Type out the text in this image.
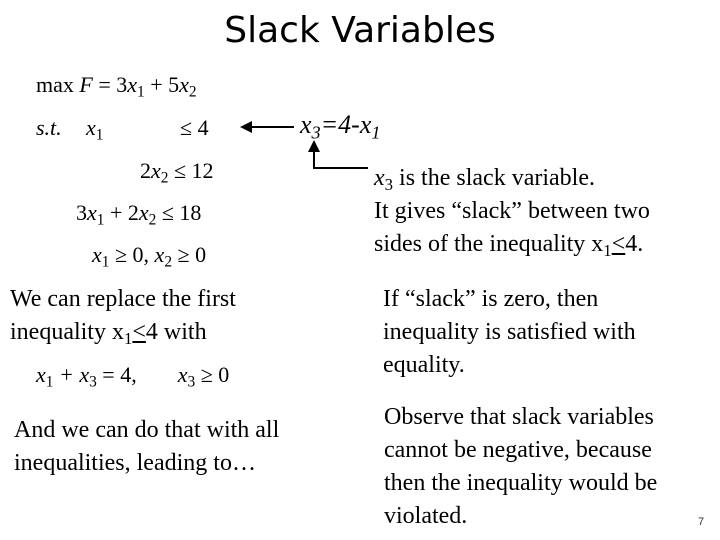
Slack Variables
$\max F = 3x_1 + 5x_2$
s.t. $x_1$	≤ 4
$2x_2 \le 12$
$3x_1 + 2x_2 \le 18$
$x_1 \ge 0$, $x_2 \ge 0$
$x_3=4-x_1$
$x_3$ is the slack variable.
It gives “slack” between two
sides of the inequality $x_1<4$.
We can replace the first
inequality $x_1<4$ with
$x_1 + x_3 = 4$, $x_3 \ge 0$
And we can do that with all
inequalities, leading to…
If “slack” is zero, then
inequality is satisfied with
equality.
Observe that slack variables
cannot be negative, because
then the inequality would be
violated.	7
